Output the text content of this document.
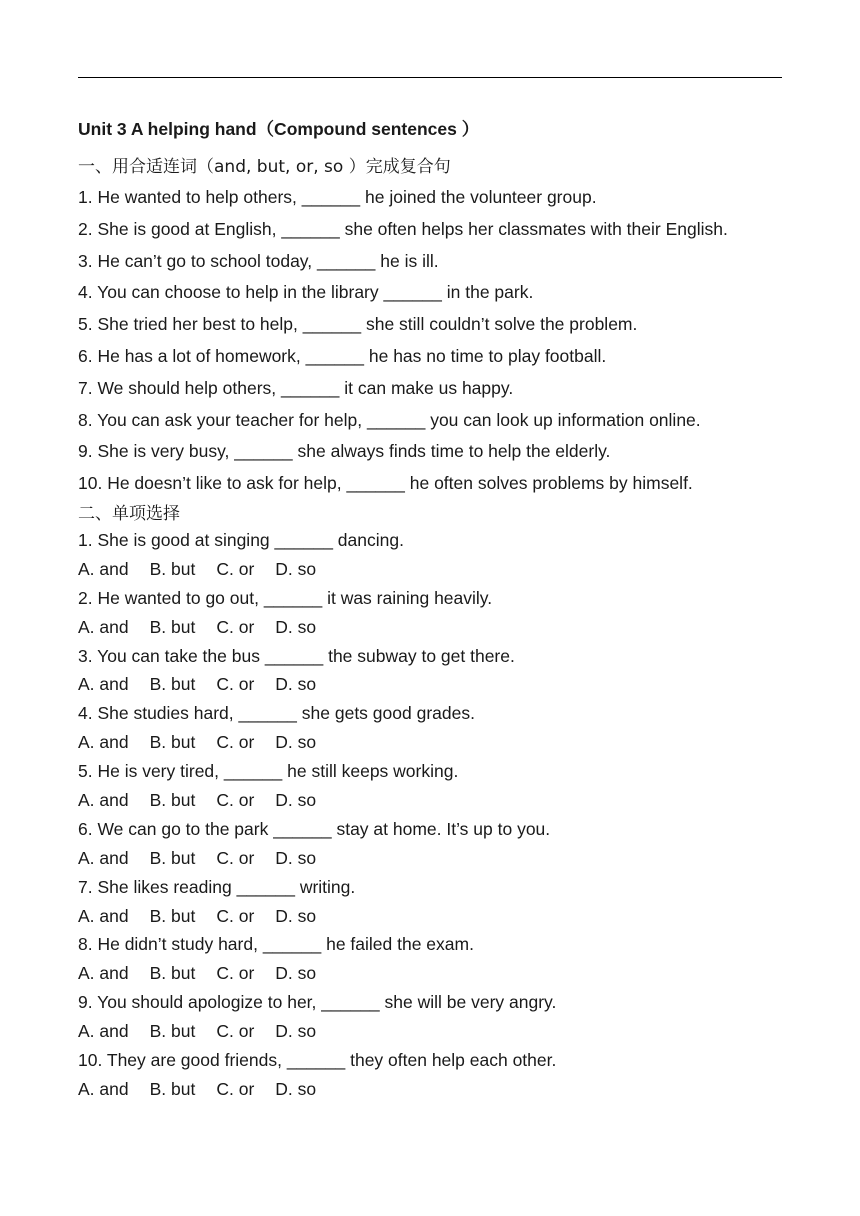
Unit 3 A helping hand（Compound sentences ）
一、用合适连词（and, but, or, so ）完成复合句
1. He wanted to help others, ______ he joined the volunteer group.
2. She is good at English, ______ she often helps her classmates with their English.
3. He can’t go to school today, ______ he is ill.
4. You can choose to help in the library ______ in the park.
5. She tried her best to help, ______ she still couldn’t solve the problem.
6. He has a lot of homework, ______ he has no time to play football.
7. We should help others, ______ it can make us happy.
8. You can ask your teacher for help, ______ you can look up information online.
9. She is very busy, ______ she always finds time to help the elderly.
10. He doesn’t like to ask for help, ______ he often solves problems by himself.
二、单项选择
1. She is good at singing ______ dancing.
A. and B. but C. or D. so
2. He wanted to go out, ______ it was raining heavily.
A. and B. but C. or D. so
3. You can take the bus ______ the subway to get there.
A. and B. but C. or D. so
4. She studies hard, ______ she gets good grades.
A. and B. but C. or D. so
5. He is very tired, ______ he still keeps working.
A. and B. but C. or D. so
6. We can go to the park ______ stay at home. It’s up to you.
A. and B. but C. or D. so
7. She likes reading ______ writing.
A. and B. but C. or D. so
8. He didn’t study hard, ______ he failed the exam.
A. and B. but C. or D. so
9. You should apologize to her, ______ she will be very angry.
A. and B. but C. or D. so
10. They are good friends, ______ they often help each other.
A. and B. but C. or D. so
